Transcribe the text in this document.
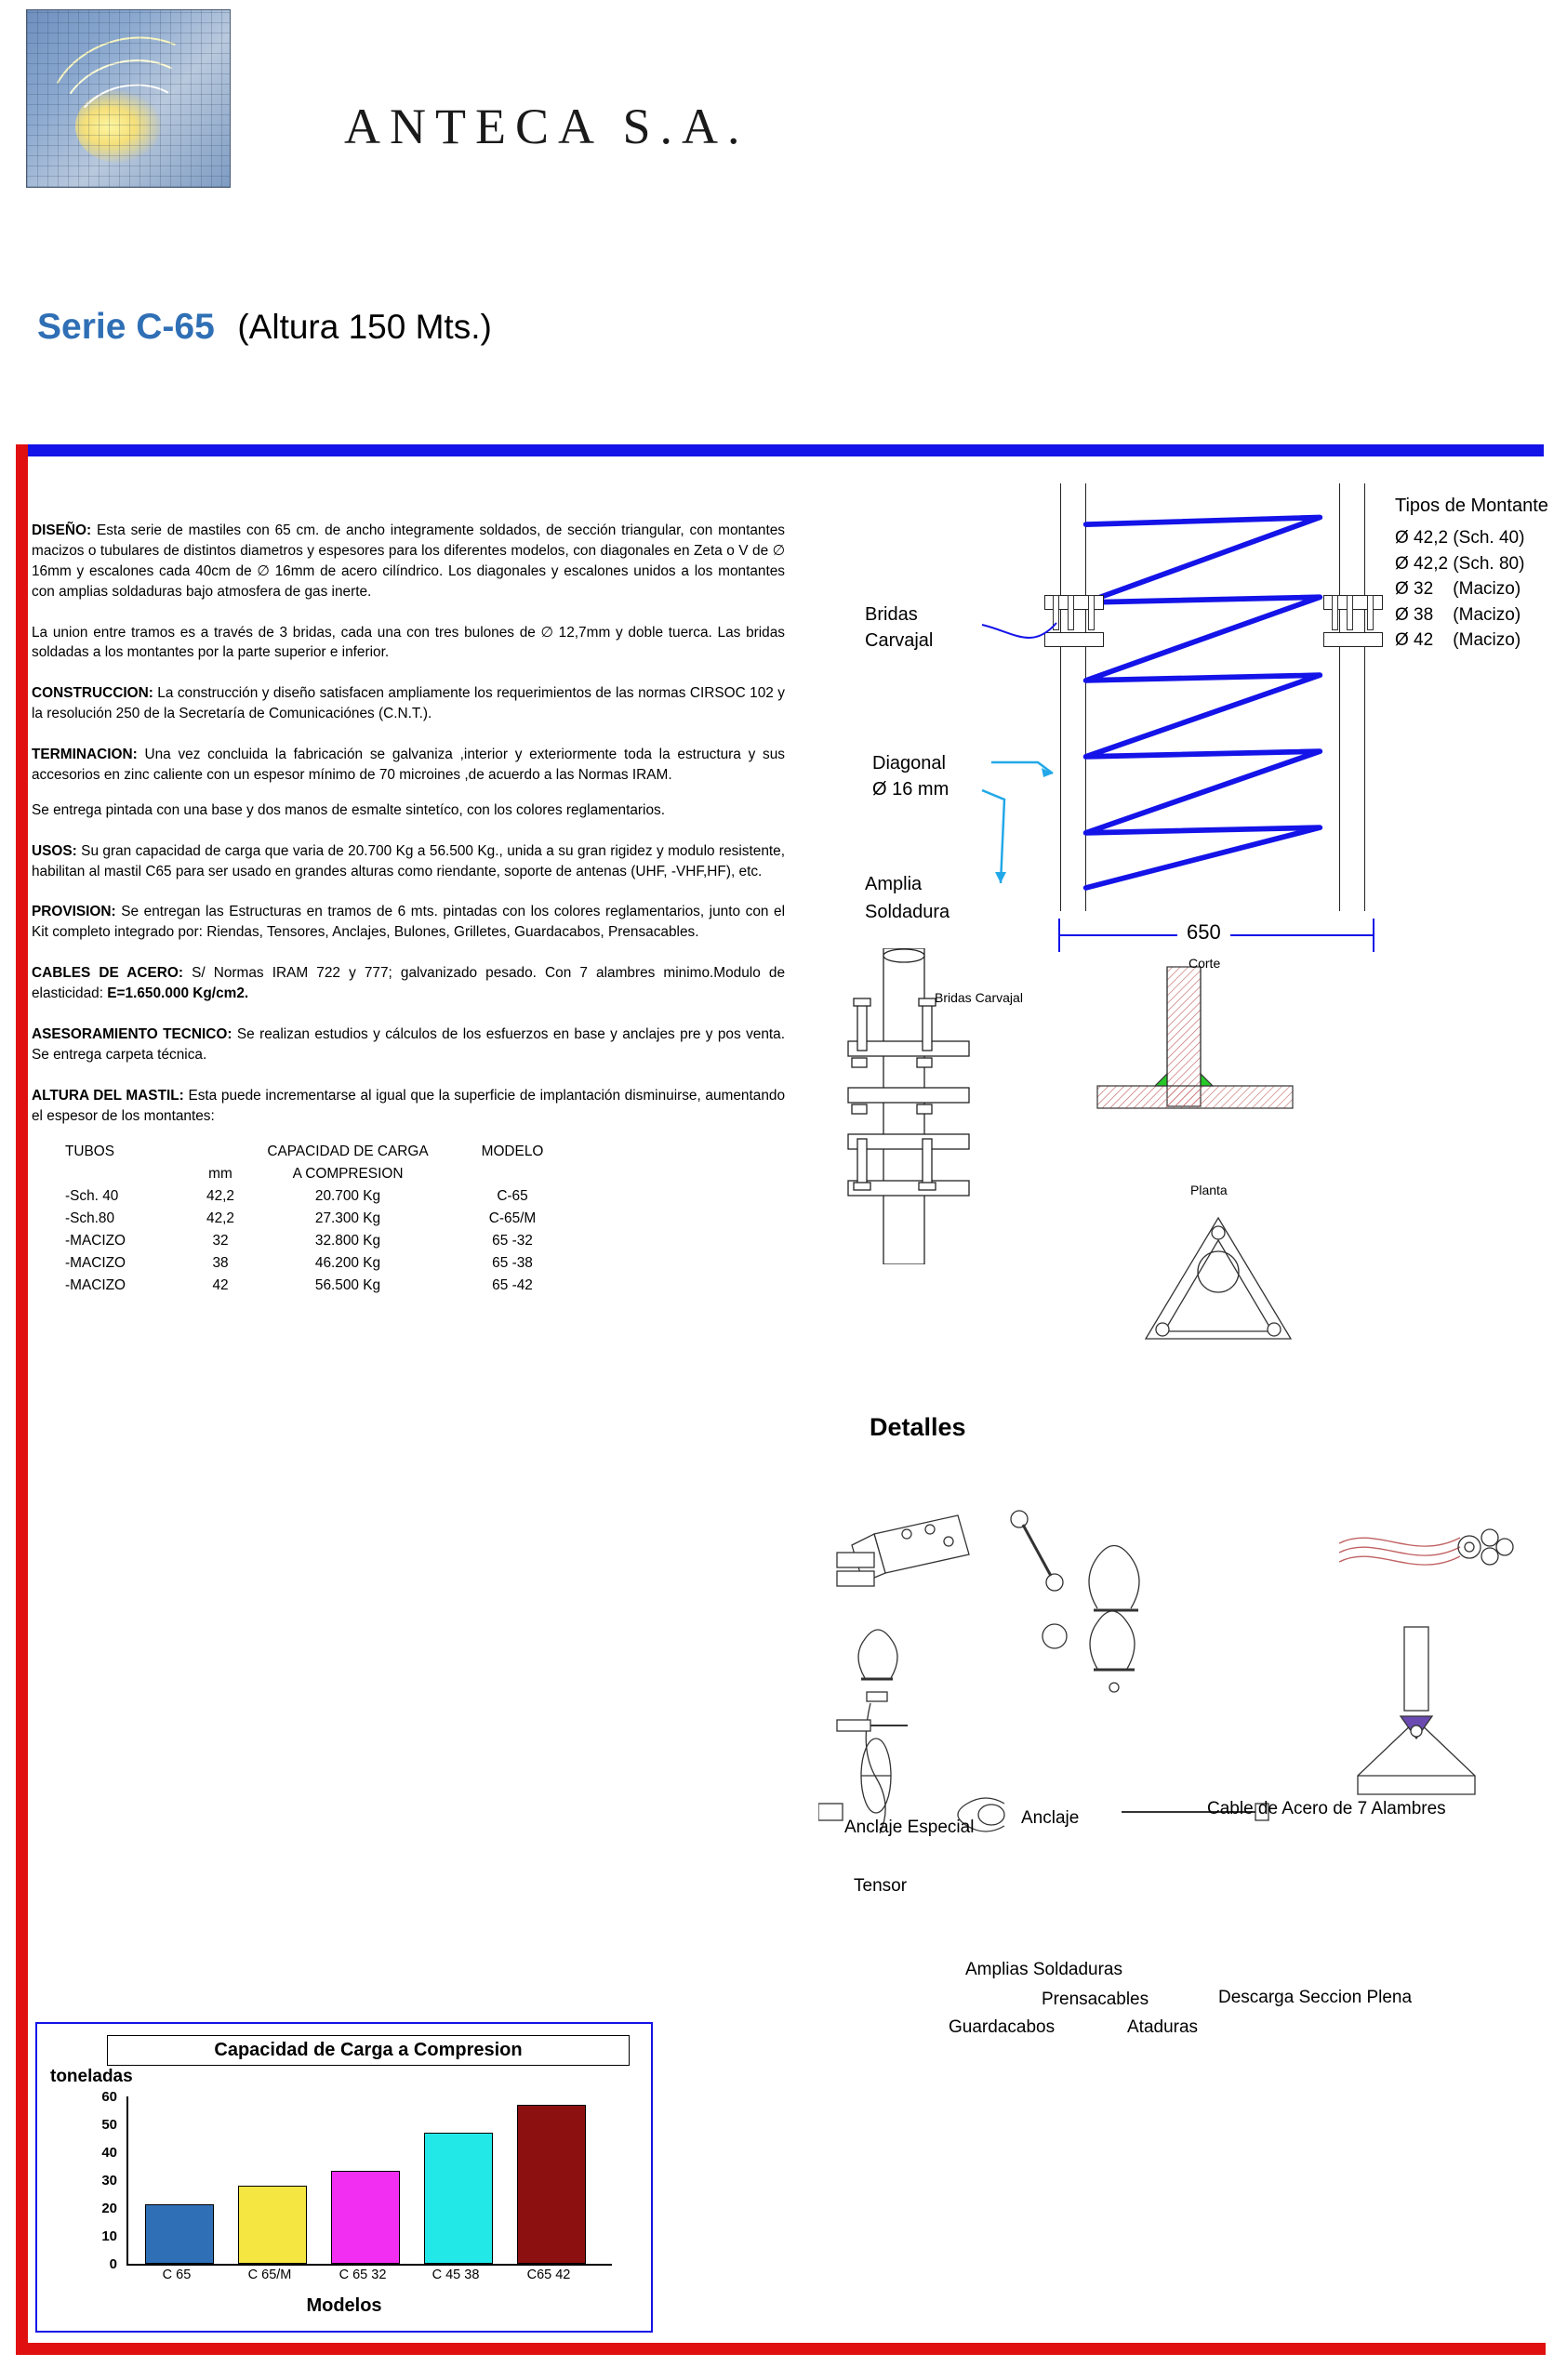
ANTECA S.A.
Serie C-65 (Altura 150 Mts.)

DISEÑO: Esta serie de mastiles con 65 cm. de ancho integramente soldados, de sección triangular, con montantes macizos o tubulares de distintos diametros y espesores para los diferentes modelos, con diagonales en Zeta o V de ∅ 16mm y escalones cada 40cm de ∅ 16mm de acero cilíndrico. Los diagonales y escalones unidos a los montantes con amplias soldaduras bajo atmosfera de gas inerte.

La union entre tramos es a través de 3 bridas, cada una con tres bulones de ∅ 12,7mm y doble tuerca. Las bridas soldadas a los montantes por la parte superior e inferior.

CONSTRUCCION: La construcción y diseño satisfacen ampliamente los requerimientos de las normas CIRSOC 102 y la resolución 250 de la Secretaría de Comunicaciónes (C.N.T.).

TERMINACION: Una vez concluida la fabricación se galvaniza ,interior y exteriormente toda la estructura y sus accesorios en zinc caliente con un espesor mínimo de 70 microines ,de acuerdo a las Normas IRAM.

Se entrega pintada con una base y dos manos de esmalte sintetíco, con los colores reglamentarios.

USOS: Su gran capacidad de carga que varia de 20.700 Kg a 56.500 Kg., unida a su gran rigidez y modulo resistente, habilitan al mastil C65 para ser usado en grandes alturas como riendante, soporte de antenas (UHF, -VHF,HF), etc.

PROVISION: Se entregan las Estructuras en tramos de 6 mts. pintadas con los colores reglamentarios, junto con el Kit completo integrado por: Riendas, Tensores, Anclajes, Bulones, Grilletes, Guardacabos, Prensacables.

CABLES DE ACERO: S/ Normas IRAM 722 y 777; galvanizado pesado. Con 7 alambres minimo.Modulo de elasticidad: E=1.650.000 Kg/cm2.

ASESORAMIENTO TECNICO: Se realizan estudios y cálculos de los esfuerzos en base y anclajes pre y pos venta. Se entrega carpeta técnica.

ALTURA DEL MASTIL: Esta puede incrementarse al igual que la superficie de implantación disminuirse, aumentando el espesor de los montantes:

TUBOS		CAPACIDAD DE CARGA	MODELO
	mm	A COMPRESION	
-Sch. 40	42,2	20.700 Kg	C-65
-Sch.80	42,2	27.300 Kg	C-65/M
-MACIZO	32	32.800 Kg	65 -32
-MACIZO	38	46.200 Kg	65 -38
-MACIZO	42	56.500 Kg	65 -42
Capacidad de Carga a Compresion
toneladas
60
50
40
30
20
10
0
C 65	C 65/M	C 65 32	C 45 38	C65 42
Modelos
Tipos de Montante
Ø 42,2 (Sch. 40)
Ø 42,2 (Sch. 80)
Ø 32    (Macizo)
Ø 38    (Macizo)
Ø 42    (Macizo)
Bridas
Carvajal
Diagonal
Ø 16 mm
Amplia
Soldadura
650
Bridas Carvajal
Corte
Planta
Detalles
Anclaje Especial	Anclaje	Cable de Acero de 7 Alambres
Tensor
Amplias Soldaduras
Descarga Seccion Plena
Guardacabos
Prensacables
Ataduras
